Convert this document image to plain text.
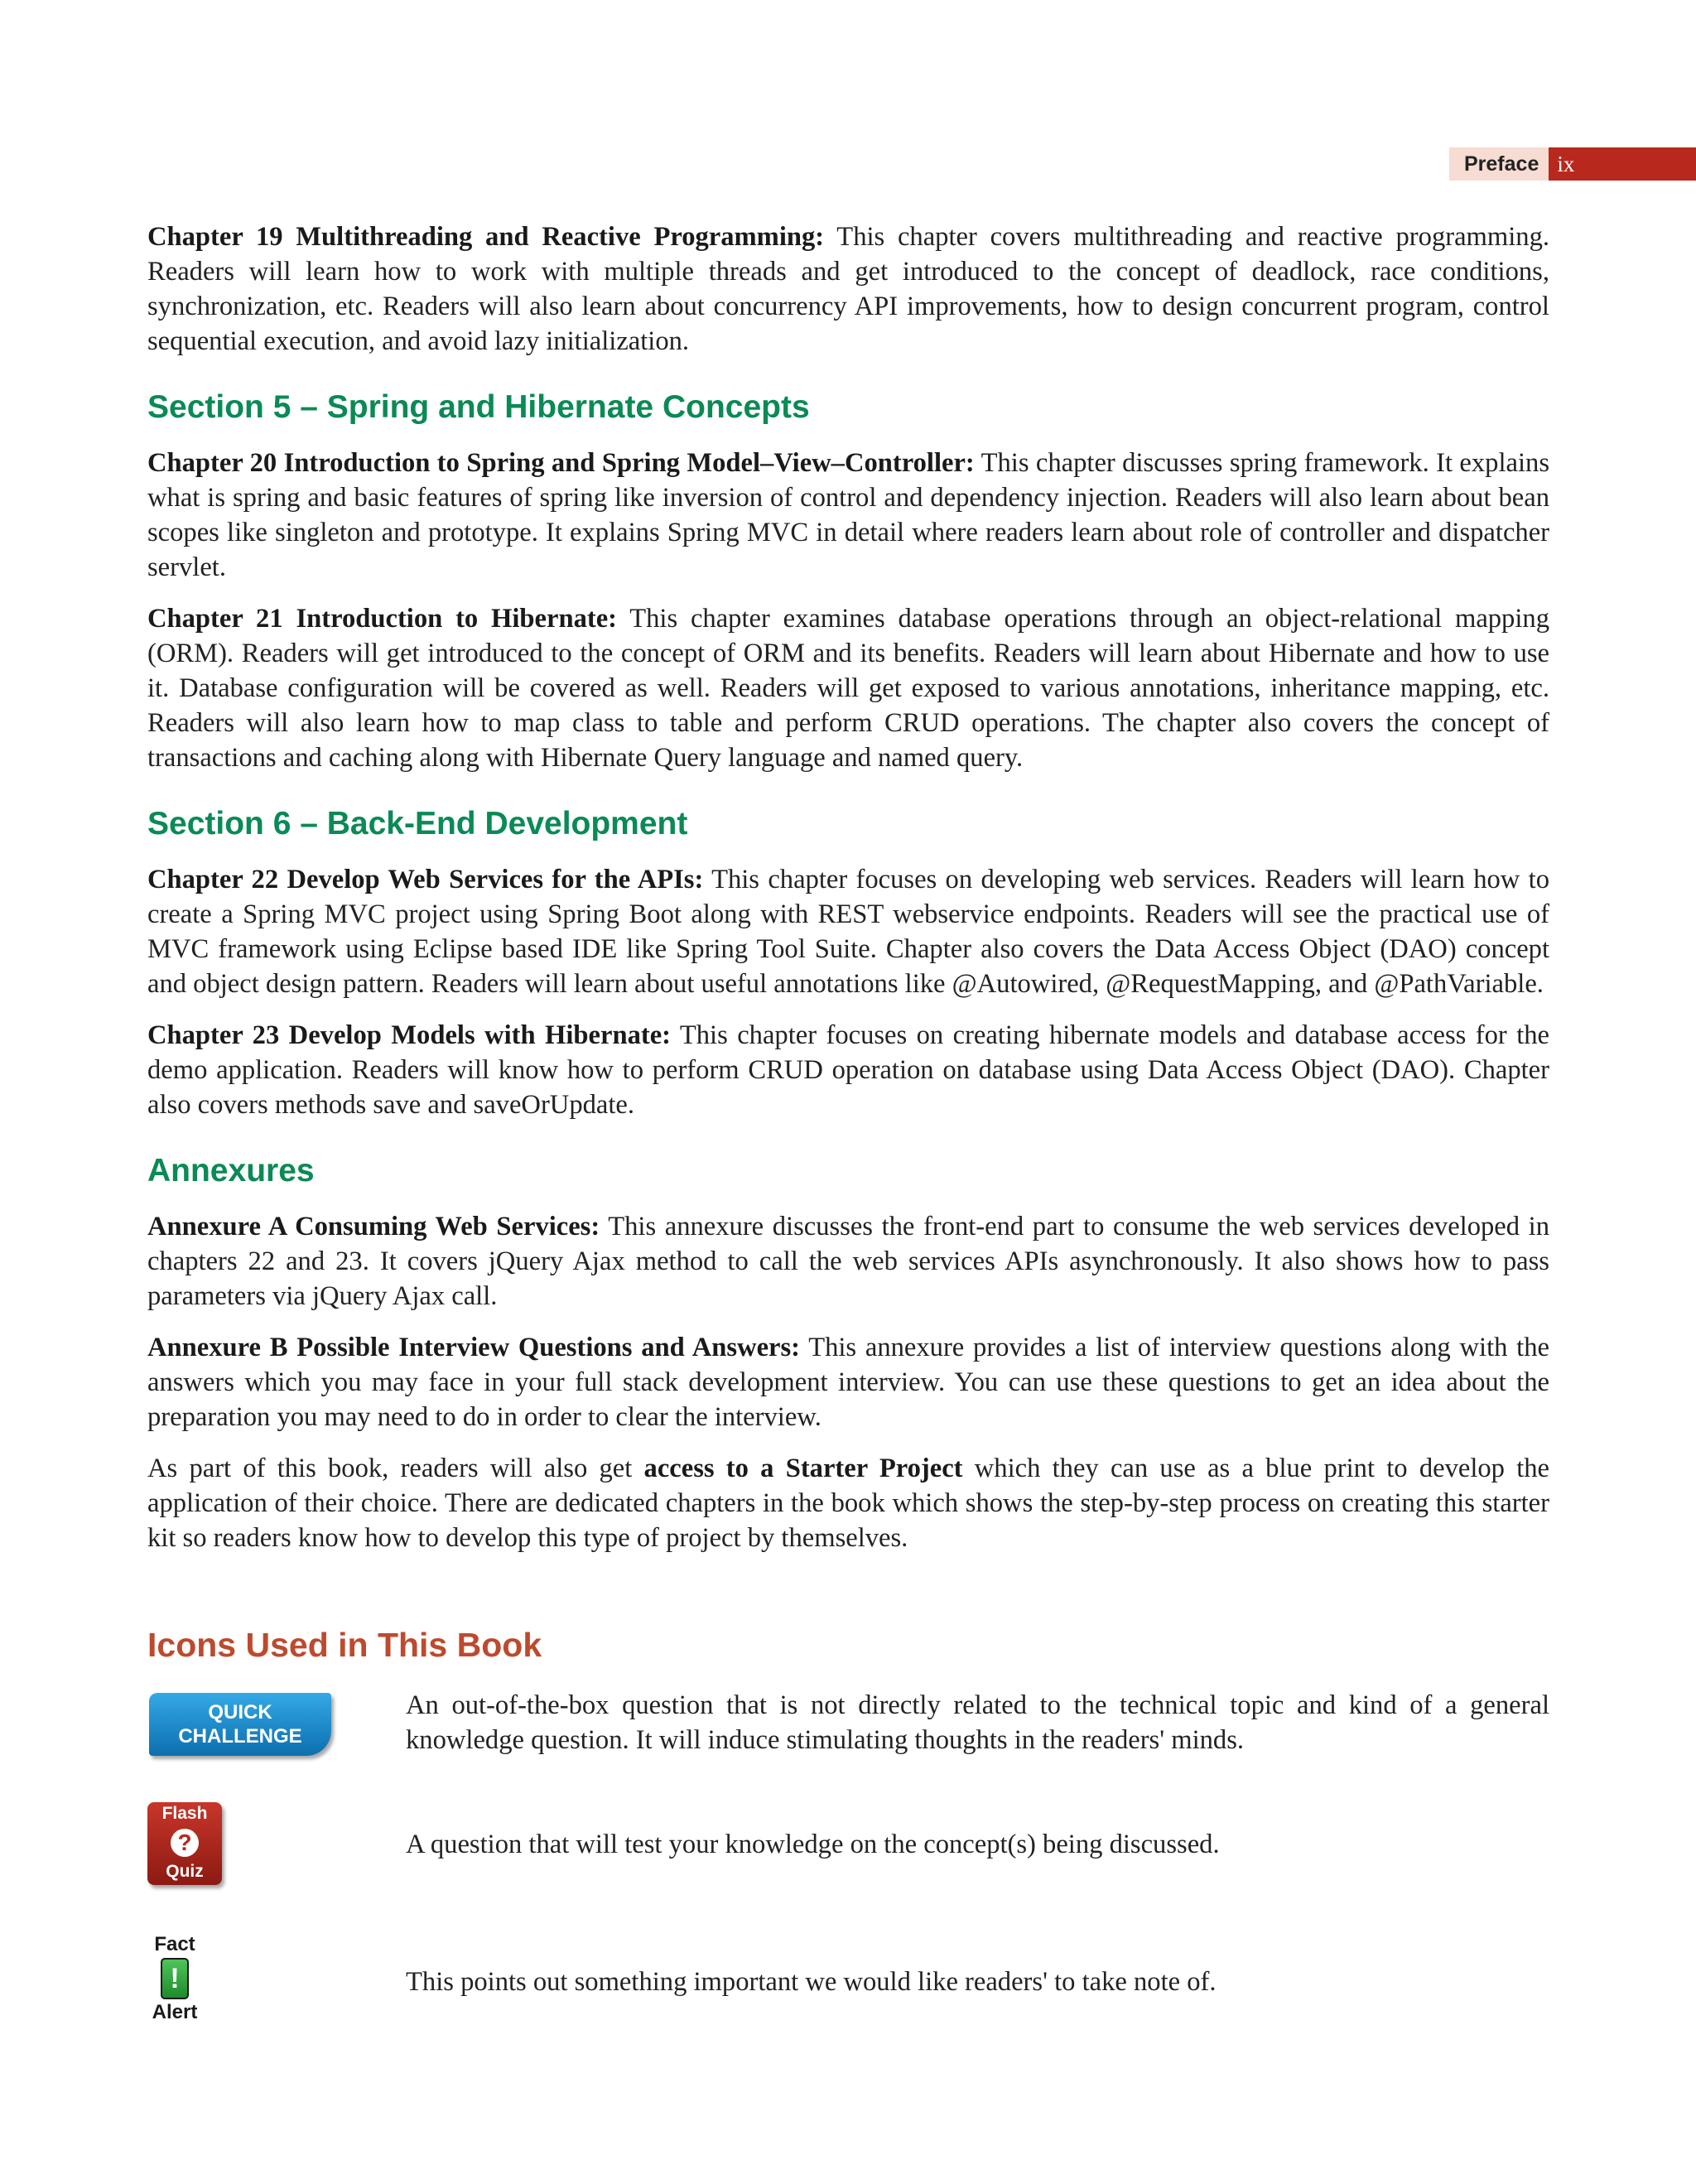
Preface ix

Chapter 19 Multithreading and Reactive Programming: This chapter covers multithreading and reactive programming. Readers will learn how to work with multiple threads and get introduced to the concept of deadlock, race conditions, synchronization, etc. Readers will also learn about concurrency API improvements, how to design concurrent program, control sequential execution, and avoid lazy initialization.

Section 5 – Spring and Hibernate Concepts

Chapter 20 Introduction to Spring and Spring Model–View–Controller: This chapter discusses spring framework. It explains what is spring and basic features of spring like inversion of control and dependency injection. Readers will also learn about bean scopes like singleton and prototype. It explains Spring MVC in detail where readers learn about role of controller and dispatcher servlet.

Chapter 21 Introduction to Hibernate: This chapter examines database operations through an object-relational mapping (ORM). Readers will get introduced to the concept of ORM and its benefits. Readers will learn about Hibernate and how to use it. Database configuration will be covered as well. Readers will get exposed to various annotations, inheritance mapping, etc. Readers will also learn how to map class to table and perform CRUD operations. The chapter also covers the concept of transactions and caching along with Hibernate Query language and named query.

Section 6 – Back-End Development

Chapter 22 Develop Web Services for the APIs: This chapter focuses on developing web services. Readers will learn how to create a Spring MVC project using Spring Boot along with REST webservice endpoints. Readers will see the practical use of MVC framework using Eclipse based IDE like Spring Tool Suite. Chapter also covers the Data Access Object (DAO) concept and object design pattern. Readers will learn about useful annotations like @Autowired, @RequestMapping, and @PathVariable.

Chapter 23 Develop Models with Hibernate: This chapter focuses on creating hibernate models and database access for the demo application. Readers will know how to perform CRUD operation on database using Data Access Object (DAO). Chapter also covers methods save and saveOrUpdate.

Annexures

Annexure A Consuming Web Services: This annexure discusses the front-end part to consume the web services developed in chapters 22 and 23. It covers jQuery Ajax method to call the web services APIs asynchronously. It also shows how to pass parameters via jQuery Ajax call.

Annexure B Possible Interview Questions and Answers: This annexure provides a list of interview questions along with the answers which you may face in your full stack development interview. You can use these questions to get an idea about the preparation you may need to do in order to clear the interview.

As part of this book, readers will also get access to a Starter Project which they can use as a blue print to develop the application of their choice. There are dedicated chapters in the book which shows the step-by-step process on creating this starter kit so readers know how to develop this type of project by themselves.

Icons Used in This Book
QUICK
CHALLENGE

An out-of-the-box question that is not directly related to the technical topic and kind of a general knowledge question. It will induce stimulating thoughts in the readers' minds.

Flash
?
Quiz

A question that will test your knowledge on the concept(s) being discussed.

Fact
!
Alert

This points out something important we would like readers' to take note of.
